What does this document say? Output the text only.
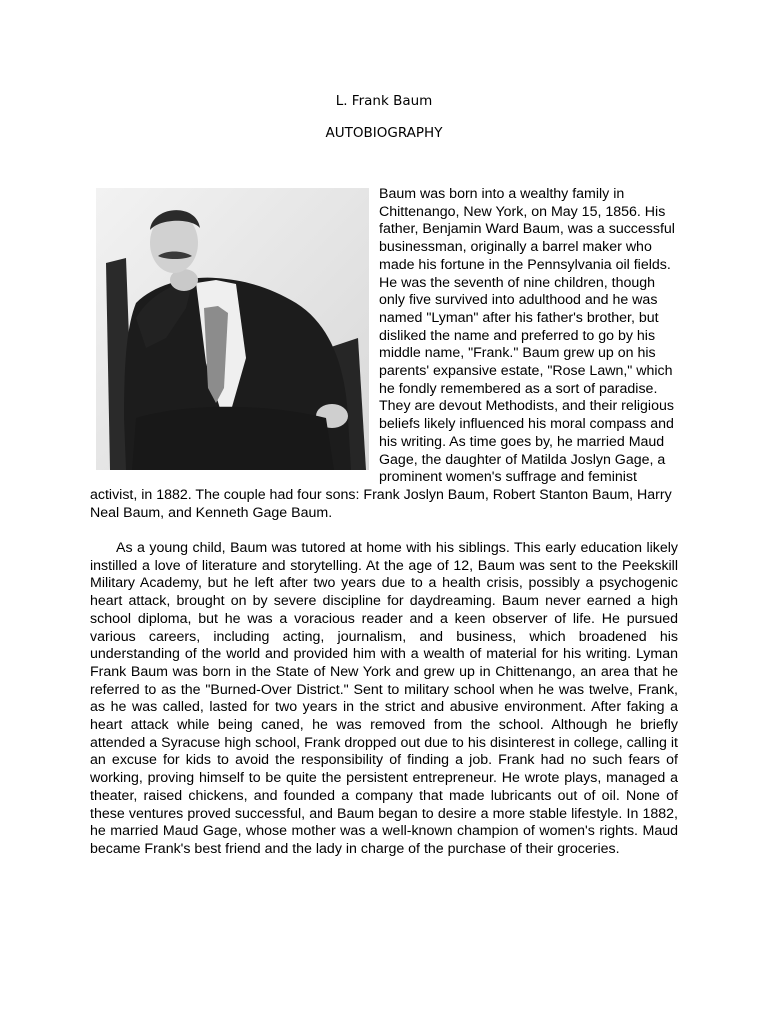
L. Frank Baum

AUTOBIOGRAPHY

Baum was born into a wealthy family in Chittenango, New York, on May 15, 1856. His father, Benjamin Ward Baum, was a successful businessman, originally a barrel maker who made his fortune in the Pennsylvania oil fields. He was the seventh of nine children, though only five survived into adulthood and he was named "Lyman" after his father's brother, but disliked the name and preferred to go by his middle name, "Frank." Baum grew up on his parents' expansive estate, "Rose Lawn," which he fondly remembered as a sort of paradise. They are devout Methodists, and their religious beliefs likely influenced his moral compass and his writing. As time goes by, he married Maud Gage, the daughter of Matilda Joslyn Gage, a prominent women's suffrage and feminist activist, in 1882. The couple had four sons: Frank Joslyn Baum, Robert Stanton Baum, Harry Neal Baum, and Kenneth Gage Baum.

As a young child, Baum was tutored at home with his siblings. This early education likely instilled a love of literature and storytelling. At the age of 12, Baum was sent to the Peekskill Military Academy, but he left after two years due to a health crisis, possibly a psychogenic heart attack, brought on by severe discipline for daydreaming. Baum never earned a high school diploma, but he was a voracious reader and a keen observer of life. He pursued various careers, including acting, journalism, and business, which broadened his understanding of the world and provided him with a wealth of material for his writing. Lyman Frank Baum was born in the State of New York and grew up in Chittenango, an area that he referred to as the "Burned-Over District." Sent to military school when he was twelve, Frank, as he was called, lasted for two years in the strict and abusive environment. After faking a heart attack while being caned, he was removed from the school. Although he briefly attended a Syracuse high school, Frank dropped out due to his disinterest in college, calling it an excuse for kids to avoid the responsibility of finding a job. Frank had no such fears of working, proving himself to be quite the persistent entrepreneur. He wrote plays, managed a theater, raised chickens, and founded a company that made lubricants out of oil. None of these ventures proved successful, and Baum began to desire a more stable lifestyle. In 1882, he married Maud Gage, whose mother was a well-known champion of women's rights. Maud became Frank's best friend and the lady in charge of the purchase of their groceries.
